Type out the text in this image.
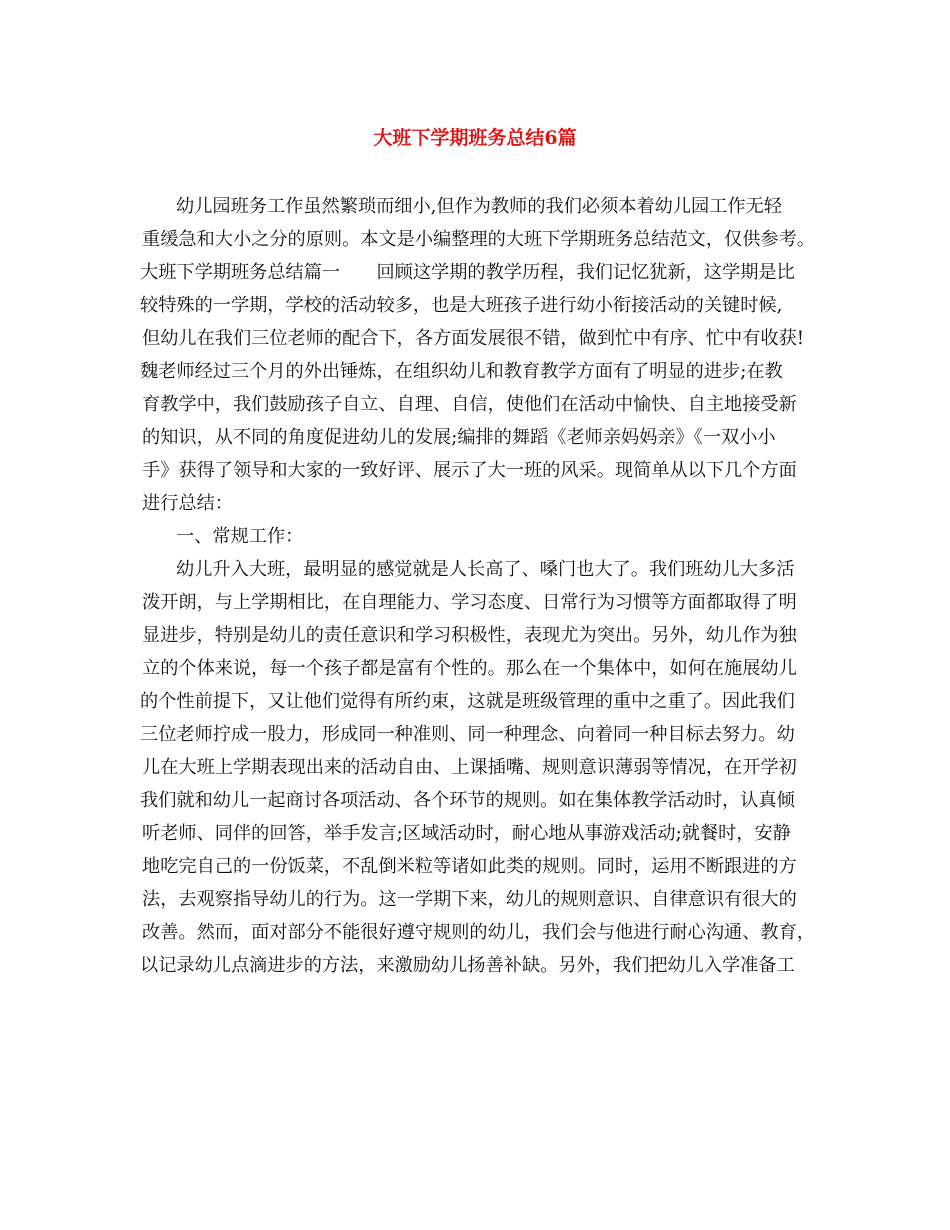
大班下学期班务总结6篇

幼儿园班务工作虽然繁琐而细小,但作为教师的我们必须本着幼儿园工作无轻

重缓急和大小之分的原则。本文是小编整理的大班下学期班务总结范文，仅供参考。

大班下学期班务总结篇一　　回顾这学期的教学历程，我们记忆犹新，这学期是比

较特殊的一学期，学校的活动较多，也是大班孩子进行幼小衔接活动的关键时候,

但幼儿在我们三位老师的配合下，各方面发展很不错，做到忙中有序、忙中有收获!

魏老师经过三个月的外出锤炼，在组织幼儿和教育教学方面有了明显的进步;在教

育教学中，我们鼓励孩子自立、自理、自信，使他们在活动中愉快、自主地接受新

的知识，从不同的角度促进幼儿的发展;编排的舞蹈《老师亲妈妈亲》《一双小小

手》获得了领导和大家的一致好评、展示了大一班的风采。现简单从以下几个方面

进行总结：

一、常规工作：

幼儿升入大班，最明显的感觉就是人长高了、嗓门也大了。我们班幼儿大多活

泼开朗，与上学期相比，在自理能力、学习态度、日常行为习惯等方面都取得了明

显进步，特别是幼儿的责任意识和学习积极性，表现尤为突出。另外，幼儿作为独

立的个体来说，每一个孩子都是富有个性的。那么在一个集体中，如何在施展幼儿

的个性前提下，又让他们觉得有所约束，这就是班级管理的重中之重了。因此我们

三位老师拧成一股力，形成同一种准则、同一种理念、向着同一种目标去努力。幼

儿在大班上学期表现出来的活动自由、上课插嘴、规则意识薄弱等情况，在开学初

我们就和幼儿一起商讨各项活动、各个环节的规则。如在集体教学活动时，认真倾

听老师、同伴的回答，举手发言;区域活动时，耐心地从事游戏活动;就餐时，安静

地吃完自己的一份饭菜，不乱倒米粒等诸如此类的规则。同时，运用不断跟进的方

法，去观察指导幼儿的行为。这一学期下来，幼儿的规则意识、自律意识有很大的

改善。然而，面对部分不能很好遵守规则的幼儿，我们会与他进行耐心沟通、教育，

以记录幼儿点滴进步的方法，来激励幼儿扬善补缺。另外，我们把幼儿入学准备工
